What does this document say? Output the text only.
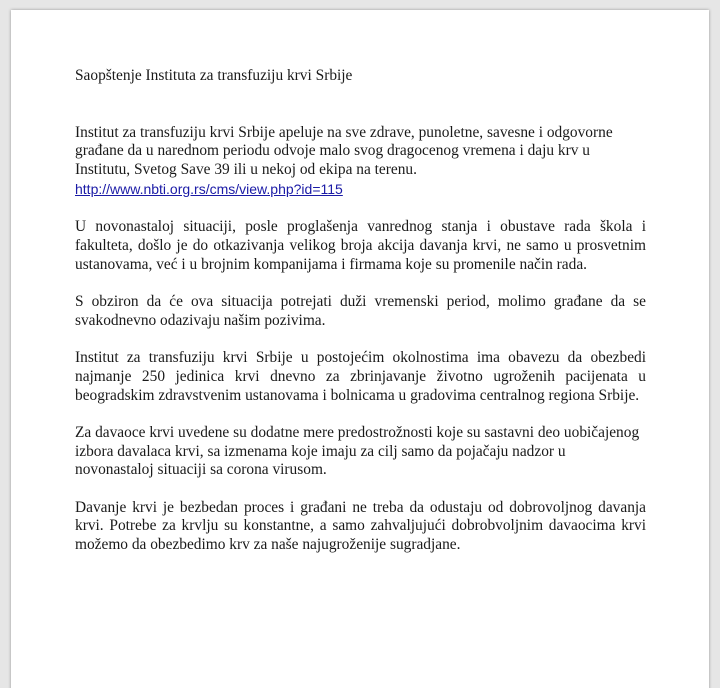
Saopštenje Instituta za transfuziju krvi Srbije

Institut za transfuziju krvi Srbije apeluje na sve zdrave, punoletne, savesne i odgovorne građane da u narednom periodu odvoje malo svog dragocenog vremena i daju krv u Institutu, Svetog Save 39 ili u nekoj od ekipa na terenu.
http://www.nbti.org.rs/cms/view.php?id=115

U novonastaloj situaciji, posle proglašenja vanrednog stanja i obustave rada škola i fakulteta, došlo je do otkazivanja velikog broja akcija davanja krvi, ne samo u prosvetnim ustanovama, već i u brojnim kompanijama i firmama koje su promenile način rada.

S obziron da će ova situacija potrejati duži vremenski period, molimo građane da se svakodnevno odazivaju našim pozivima.

Institut za transfuziju krvi Srbije u postojećim okolnostima ima obavezu da obezbedi najmanje 250 jedinica krvi dnevno za zbrinjavanje životno ugroženih pacijenata u beogradskim zdravstvenim ustanovama i bolnicama u gradovima centralnog regiona Srbije.

Za davaoce krvi uvedene su dodatne mere predostrožnosti koje su sastavni deo uobičajenog izbora davalaca krvi, sa izmenama koje imaju za cilj samo da pojačaju nadzor u novonastaloj situaciji sa corona virusom.

Davanje krvi je bezbedan proces i građani ne treba da odustaju od dobrovoljnog davanja krvi. Potrebe za krvlju su konstantne, a samo zahvaljujući dobrobvoljnim davaocima krvi možemo da obezbedimo krv za naše najugroženije sugradjane.
